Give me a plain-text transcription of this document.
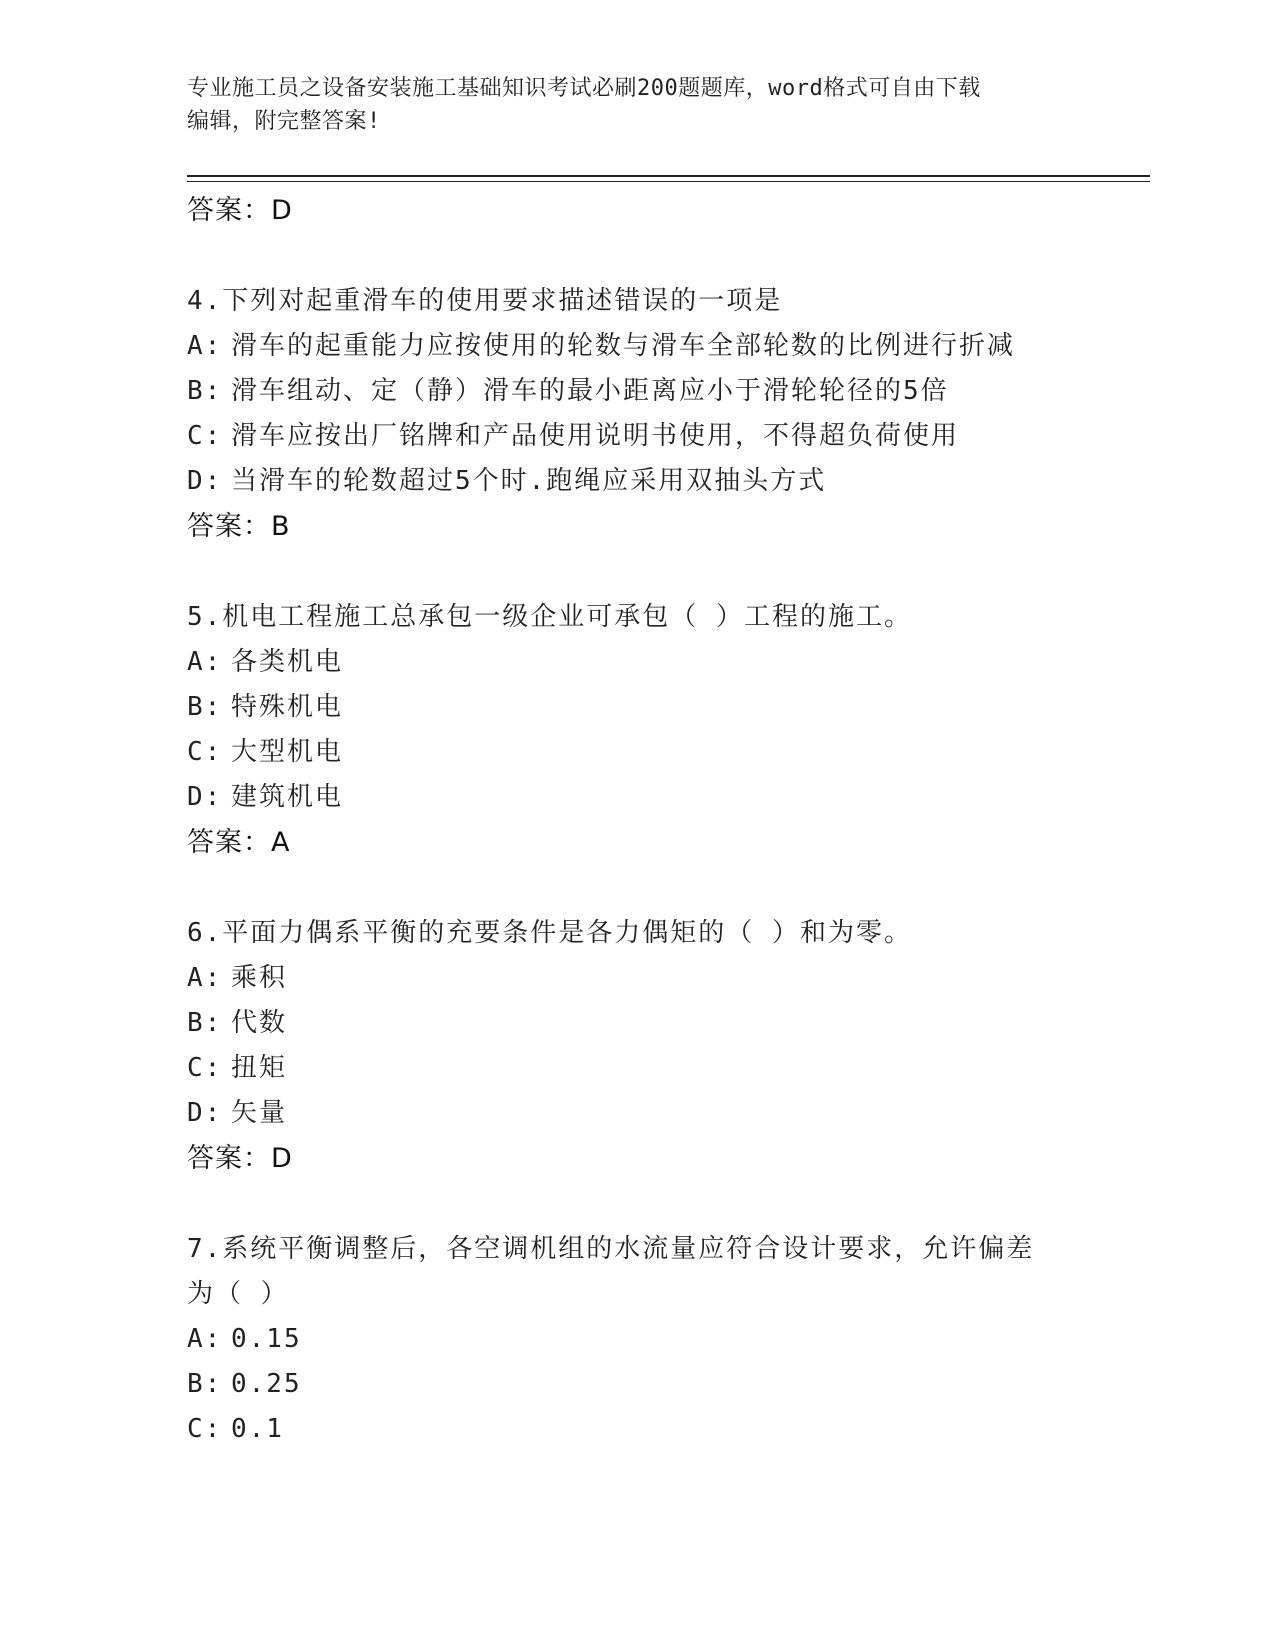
专业施工员之设备安装施工基础知识考试必刷200题题库，word格式可自由下载
编辑，附完整答案!
答案：D
4.下列对起重滑车的使用要求描述错误的一项是
A: 滑车的起重能力应按使用的轮数与滑车全部轮数的比例进行折减
B: 滑车组动、定（静）滑车的最小距离应小于滑轮轮径的5倍
C: 滑车应按出厂铭牌和产品使用说明书使用，不得超负荷使用
D: 当滑车的轮数超过5个时.跑绳应采用双抽头方式
答案：B
5.机电工程施工总承包一级企业可承包（ ）工程的施工。
A: 各类机电
B: 特殊机电
C: 大型机电
D: 建筑机电
答案：A
6.平面力偶系平衡的充要条件是各力偶矩的（ ）和为零。
A: 乘积
B: 代数
C: 扭矩
D: 矢量
答案：D
7.系统平衡调整后，各空调机组的水流量应符合设计要求，允许偏差
为（ ）
A: 0.15
B: 0.25
C: 0.1
